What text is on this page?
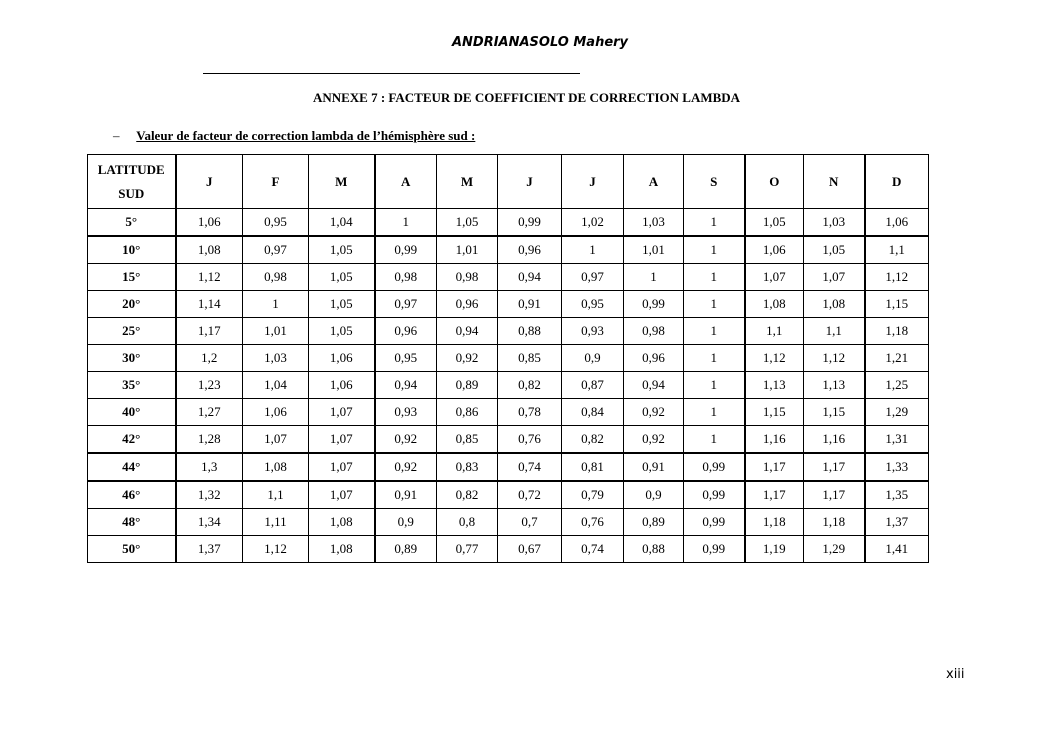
ANDRIANASOLO Mahery
ANNEXE 7 : FACTEUR DE COEFFICIENT DE CORRECTION LAMBDA
– Valeur de facteur de correction lambda de l’hémisphère sud :
LATITUDE
SUD	J	F	M	A	M	J	J	A	S	O	N	D
5°	1,06	0,95	1,04	1	1,05	0,99	1,02	1,03	1	1,05	1,03	1,06
10°	1,08	0,97	1,05	0,99	1,01	0,96	1	1,01	1	1,06	1,05	1,1
15°	1,12	0,98	1,05	0,98	0,98	0,94	0,97	1	1	1,07	1,07	1,12
20°	1,14	1	1,05	0,97	0,96	0,91	0,95	0,99	1	1,08	1,08	1,15
25°	1,17	1,01	1,05	0,96	0,94	0,88	0,93	0,98	1	1,1	1,1	1,18
30°	1,2	1,03	1,06	0,95	0,92	0,85	0,9	0,96	1	1,12	1,12	1,21
35°	1,23	1,04	1,06	0,94	0,89	0,82	0,87	0,94	1	1,13	1,13	1,25
40°	1,27	1,06	1,07	0,93	0,86	0,78	0,84	0,92	1	1,15	1,15	1,29
42°	1,28	1,07	1,07	0,92	0,85	0,76	0,82	0,92	1	1,16	1,16	1,31
44°	1,3	1,08	1,07	0,92	0,83	0,74	0,81	0,91	0,99	1,17	1,17	1,33
46°	1,32	1,1	1,07	0,91	0,82	0,72	0,79	0,9	0,99	1,17	1,17	1,35
48°	1,34	1,11	1,08	0,9	0,8	0,7	0,76	0,89	0,99	1,18	1,18	1,37
50°	1,37	1,12	1,08	0,89	0,77	0,67	0,74	0,88	0,99	1,19	1,29	1,41
xiii
